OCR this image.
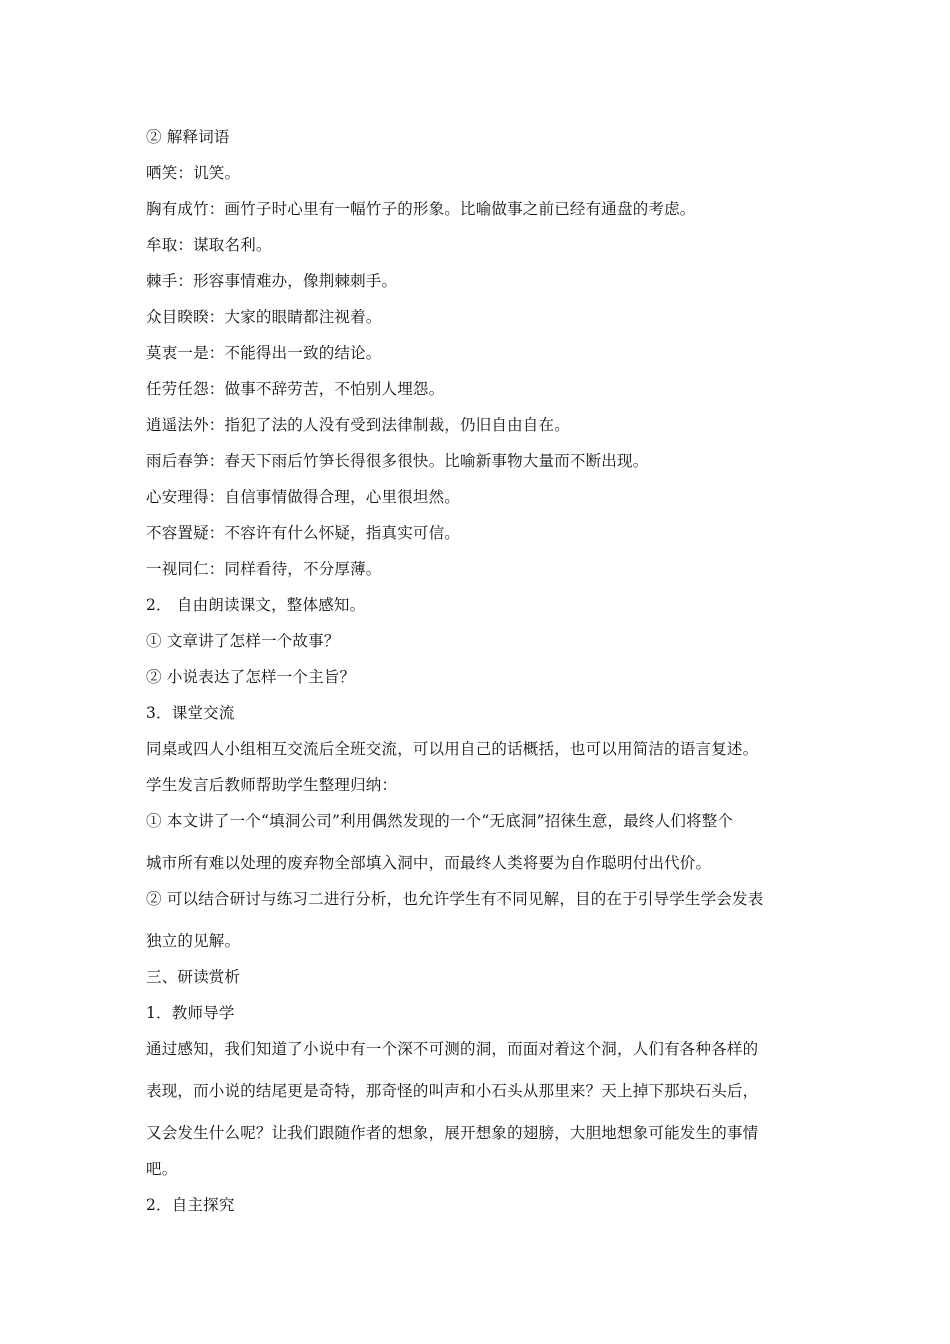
② 解释词语
哂笑：讥笑。
胸有成竹：画竹子时心里有一幅竹子的形象。比喻做事之前已经有通盘的考虑。
牟取：谋取名利。
棘手：形容事情难办，像荆棘刺手。
众目睽睽：大家的眼睛都注视着。
莫衷一是：不能得出一致的结论。
任劳任怨：做事不辞劳苦，不怕别人埋怨。
逍遥法外：指犯了法的人没有受到法律制裁，仍旧自由自在。
雨后春笋：春天下雨后竹笋长得很多很快。比喻新事物大量而不断出现。
心安理得：自信事情做得合理，心里很坦然。
不容置疑：不容许有什么怀疑，指真实可信。
一视同仁：同样看待，不分厚薄。
2． 自由朗读课文，整体感知。
① 文章讲了怎样一个故事？
② 小说表达了怎样一个主旨？
3．课堂交流
同桌或四人小组相互交流后全班交流，可以用自己的话概括，也可以用简洁的语言复述。
学生发言后教师帮助学生整理归纳：
① 本文讲了一个“填洞公司”利用偶然发现的一个“无底洞”招徕生意，最终人们将整个
城市所有难以处理的废弃物全部填入洞中，而最终人类将要为自作聪明付出代价。
② 可以结合研讨与练习二进行分析，也允许学生有不同见解，目的在于引导学生学会发表
独立的见解。
三、研读赏析
1．教师导学
通过感知，我们知道了小说中有一个深不可测的洞，而面对着这个洞，人们有各种各样的
表现，而小说的结尾更是奇特，那奇怪的叫声和小石头从那里来？天上掉下那块石头后，
又会发生什么呢？让我们跟随作者的想象，展开想象的翅膀，大胆地想象可能发生的事情
吧。
2．自主探究
